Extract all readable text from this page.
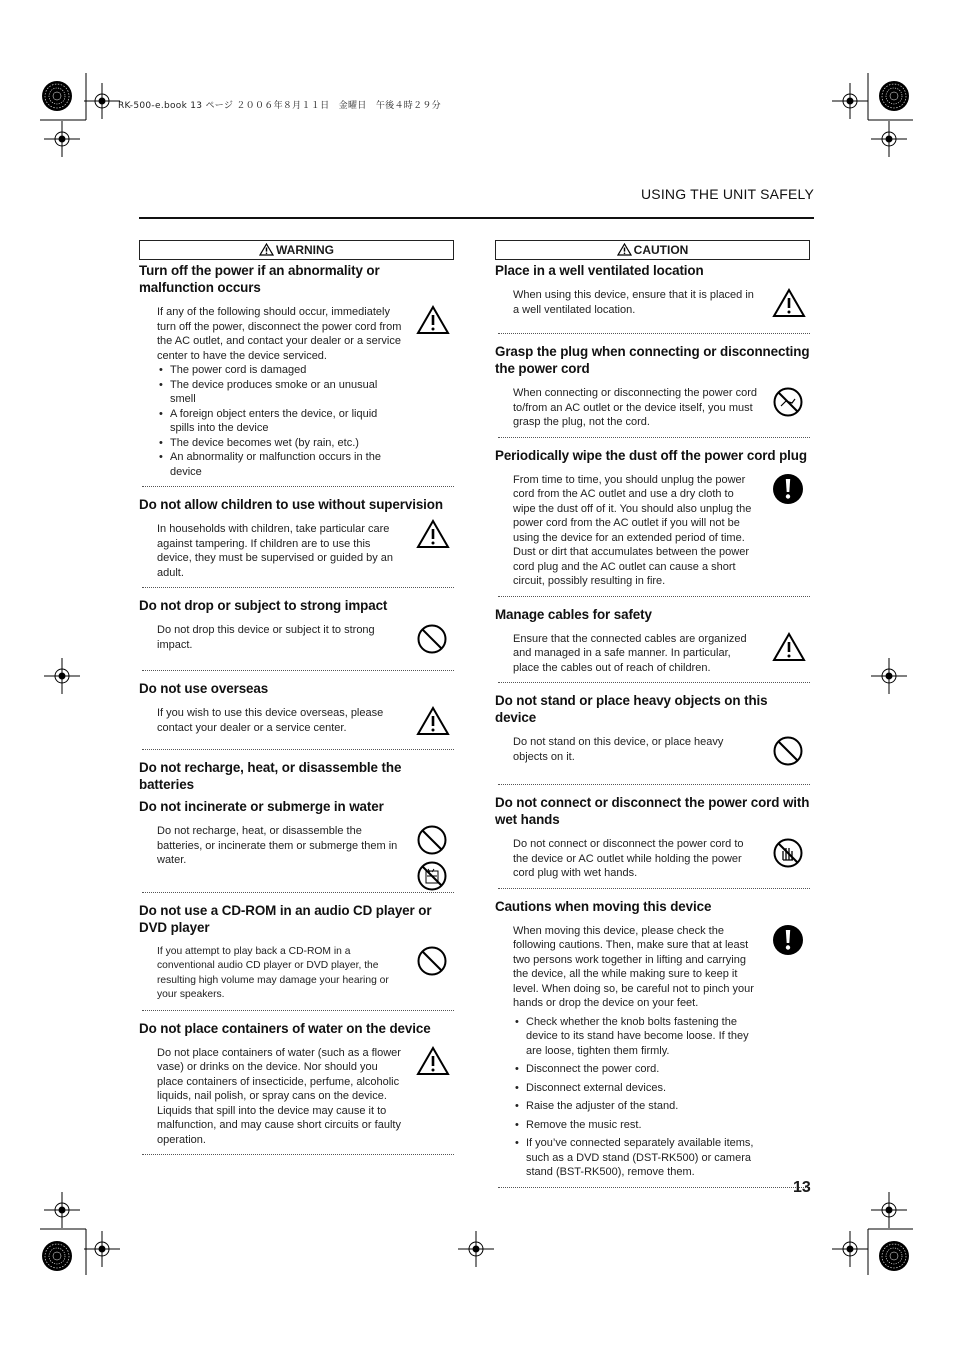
RK-500-e.book 13 ページ ２００６年８月１１日　金曜日　午後４時２９分
USING THE UNIT SAFELY
WARNING
Turn off the power if an abnormality or malfunction occurs

If any of the following should occur, immediately turn off the power, disconnect the power cord from the AC outlet, and contact your dealer or a service center to have the device serviced.

• The power cord is damaged
• The device produces smoke or an unusual smell
• A foreign object enters the device, or liquid spills into the device
• The device becomes wet (by rain, etc.)
• An abnormality or malfunction occurs in the device
Do not allow children to use without supervision

In households with children, take particular care against tampering. If children are to use this device, they must be supervised or guided by an adult.

Do not drop or subject to strong impact

Do not drop this device or subject it to strong impact.

Do not use overseas

If you wish to use this device overseas, please contact your dealer or a service center.

Do not recharge, heat, or disassemble the batteries
Do not incinerate or submerge in water

Do not recharge, heat, or disassemble the batteries, or incinerate them or submerge them in water.

Do not use a CD-ROM in an audio CD player or DVD player

If you attempt to play back a CD-ROM in a conventional audio CD player or DVD player, the resulting high volume may damage your hearing or your speakers.

Do not place containers of water on the device

Do not place containers of water (such as a flower vase) or drinks on the device. Nor should you place containers of insecticide, perfume, alcoholic liquids, nail polish, or spray cans on the device. Liquids that spill into the device may cause it to malfunction, and may cause short circuits or faulty operation.

CAUTION
Place in a well ventilated location

When using this device, ensure that it is placed in a well ventilated location.

Grasp the plug when connecting or disconnecting the power cord

When connecting or disconnecting the power cord to/from an AC outlet or the device itself, you must grasp the plug, not the cord.

Periodically wipe the dust off the power cord plug

From time to time, you should unplug the power cord from the AC outlet and use a dry cloth to wipe the dust off of it. You should also unplug the power cord from the AC outlet if you will not be using the device for an extended period of time. Dust or dirt that accumulates between the power cord plug and the AC outlet can cause a short circuit, possibly resulting in fire.

Manage cables for safety

Ensure that the connected cables are organized and managed in a safe manner. In particular, place the cables out of reach of children.

Do not stand or place heavy objects on this device

Do not stand on this device, or place heavy objects on it.

Do not connect or disconnect the power cord with wet hands

Do not connect or disconnect the power cord to the device or AC outlet while holding the power cord plug with wet hands.

Cautions when moving this device

When moving this device, please check the following cautions. Then, make sure that at least two persons work together in lifting and carrying the device, all the while making sure to keep it level. When doing so, be careful not to pinch your hands or drop the device on your feet.

• Check whether the knob bolts fastening the device to its stand have become loose. If they are loose, tighten them firmly.
• Disconnect the power cord.
• Disconnect external devices.
• Raise the adjuster of the stand.
• Remove the music rest.
• If you’ve connected separately available items, such as a DVD stand (DST-RK500) or camera stand (BST-RK500), remove them.
13
